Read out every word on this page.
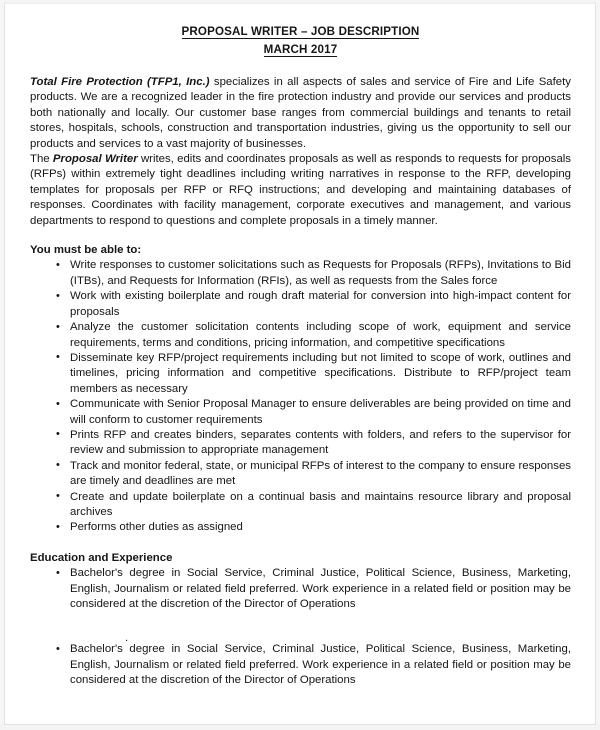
PROPOSAL WRITER – JOB DESCRIPTION
MARCH 2017

Total Fire Protection (TFP1, Inc.) specializes in all aspects of sales and service of Fire and Life Safety products. We are a recognized leader in the fire protection industry and provide our services and products both nationally and locally. Our customer base ranges from commercial buildings and tenants to retail stores, hospitals, schools, construction and transportation industries, giving us the opportunity to sell our products and services to a vast majority of businesses.

The Proposal Writer writes, edits and coordinates proposals as well as responds to requests for proposals (RFPs) within extremely tight deadlines including writing narratives in response to the RFP, developing templates for proposals per RFP or RFQ instructions; and developing and maintaining databases of responses. Coordinates with facility management, corporate executives and management, and various departments to respond to questions and complete proposals in a timely manner.

You must be able to:
• Write responses to customer solicitations such as Requests for Proposals (RFPs), Invitations to Bid (ITBs), and Requests for Information (RFIs), as well as requests from the Sales force
• Work with existing boilerplate and rough draft material for conversion into high-impact content for proposals
• Analyze the customer solicitation contents including scope of work, equipment and service requirements, terms and conditions, pricing information, and competitive specifications
• Disseminate key RFP/project requirements including but not limited to scope of work, outlines and timelines, pricing information and competitive specifications. Distribute to RFP/project team members as necessary
• Communicate with Senior Proposal Manager to ensure deliverables are being provided on time and will conform to customer requirements
• Prints RFP and creates binders, separates contents with folders, and refers to the supervisor for review and submission to appropriate management
• Track and monitor federal, state, or municipal RFPs of interest to the company to ensure responses are timely and deadlines are met
• Create and update boilerplate on a continual basis and maintains resource library and proposal archives
• Performs other duties as assigned
Education and Experience
• Bachelor's degree in Social Service, Criminal Justice, Political Science, Business, Marketing, English, Journalism or related field preferred. Work experience in a related field or position may be considered at the discretion of the Director of Operations
• Bachelor's degree in Social Service, Criminal Justice, Political Science, Business, Marketing, English, Journalism or related field preferred. Work experience in a related field or position may be considered at the discretion of the Director of Operations
.
